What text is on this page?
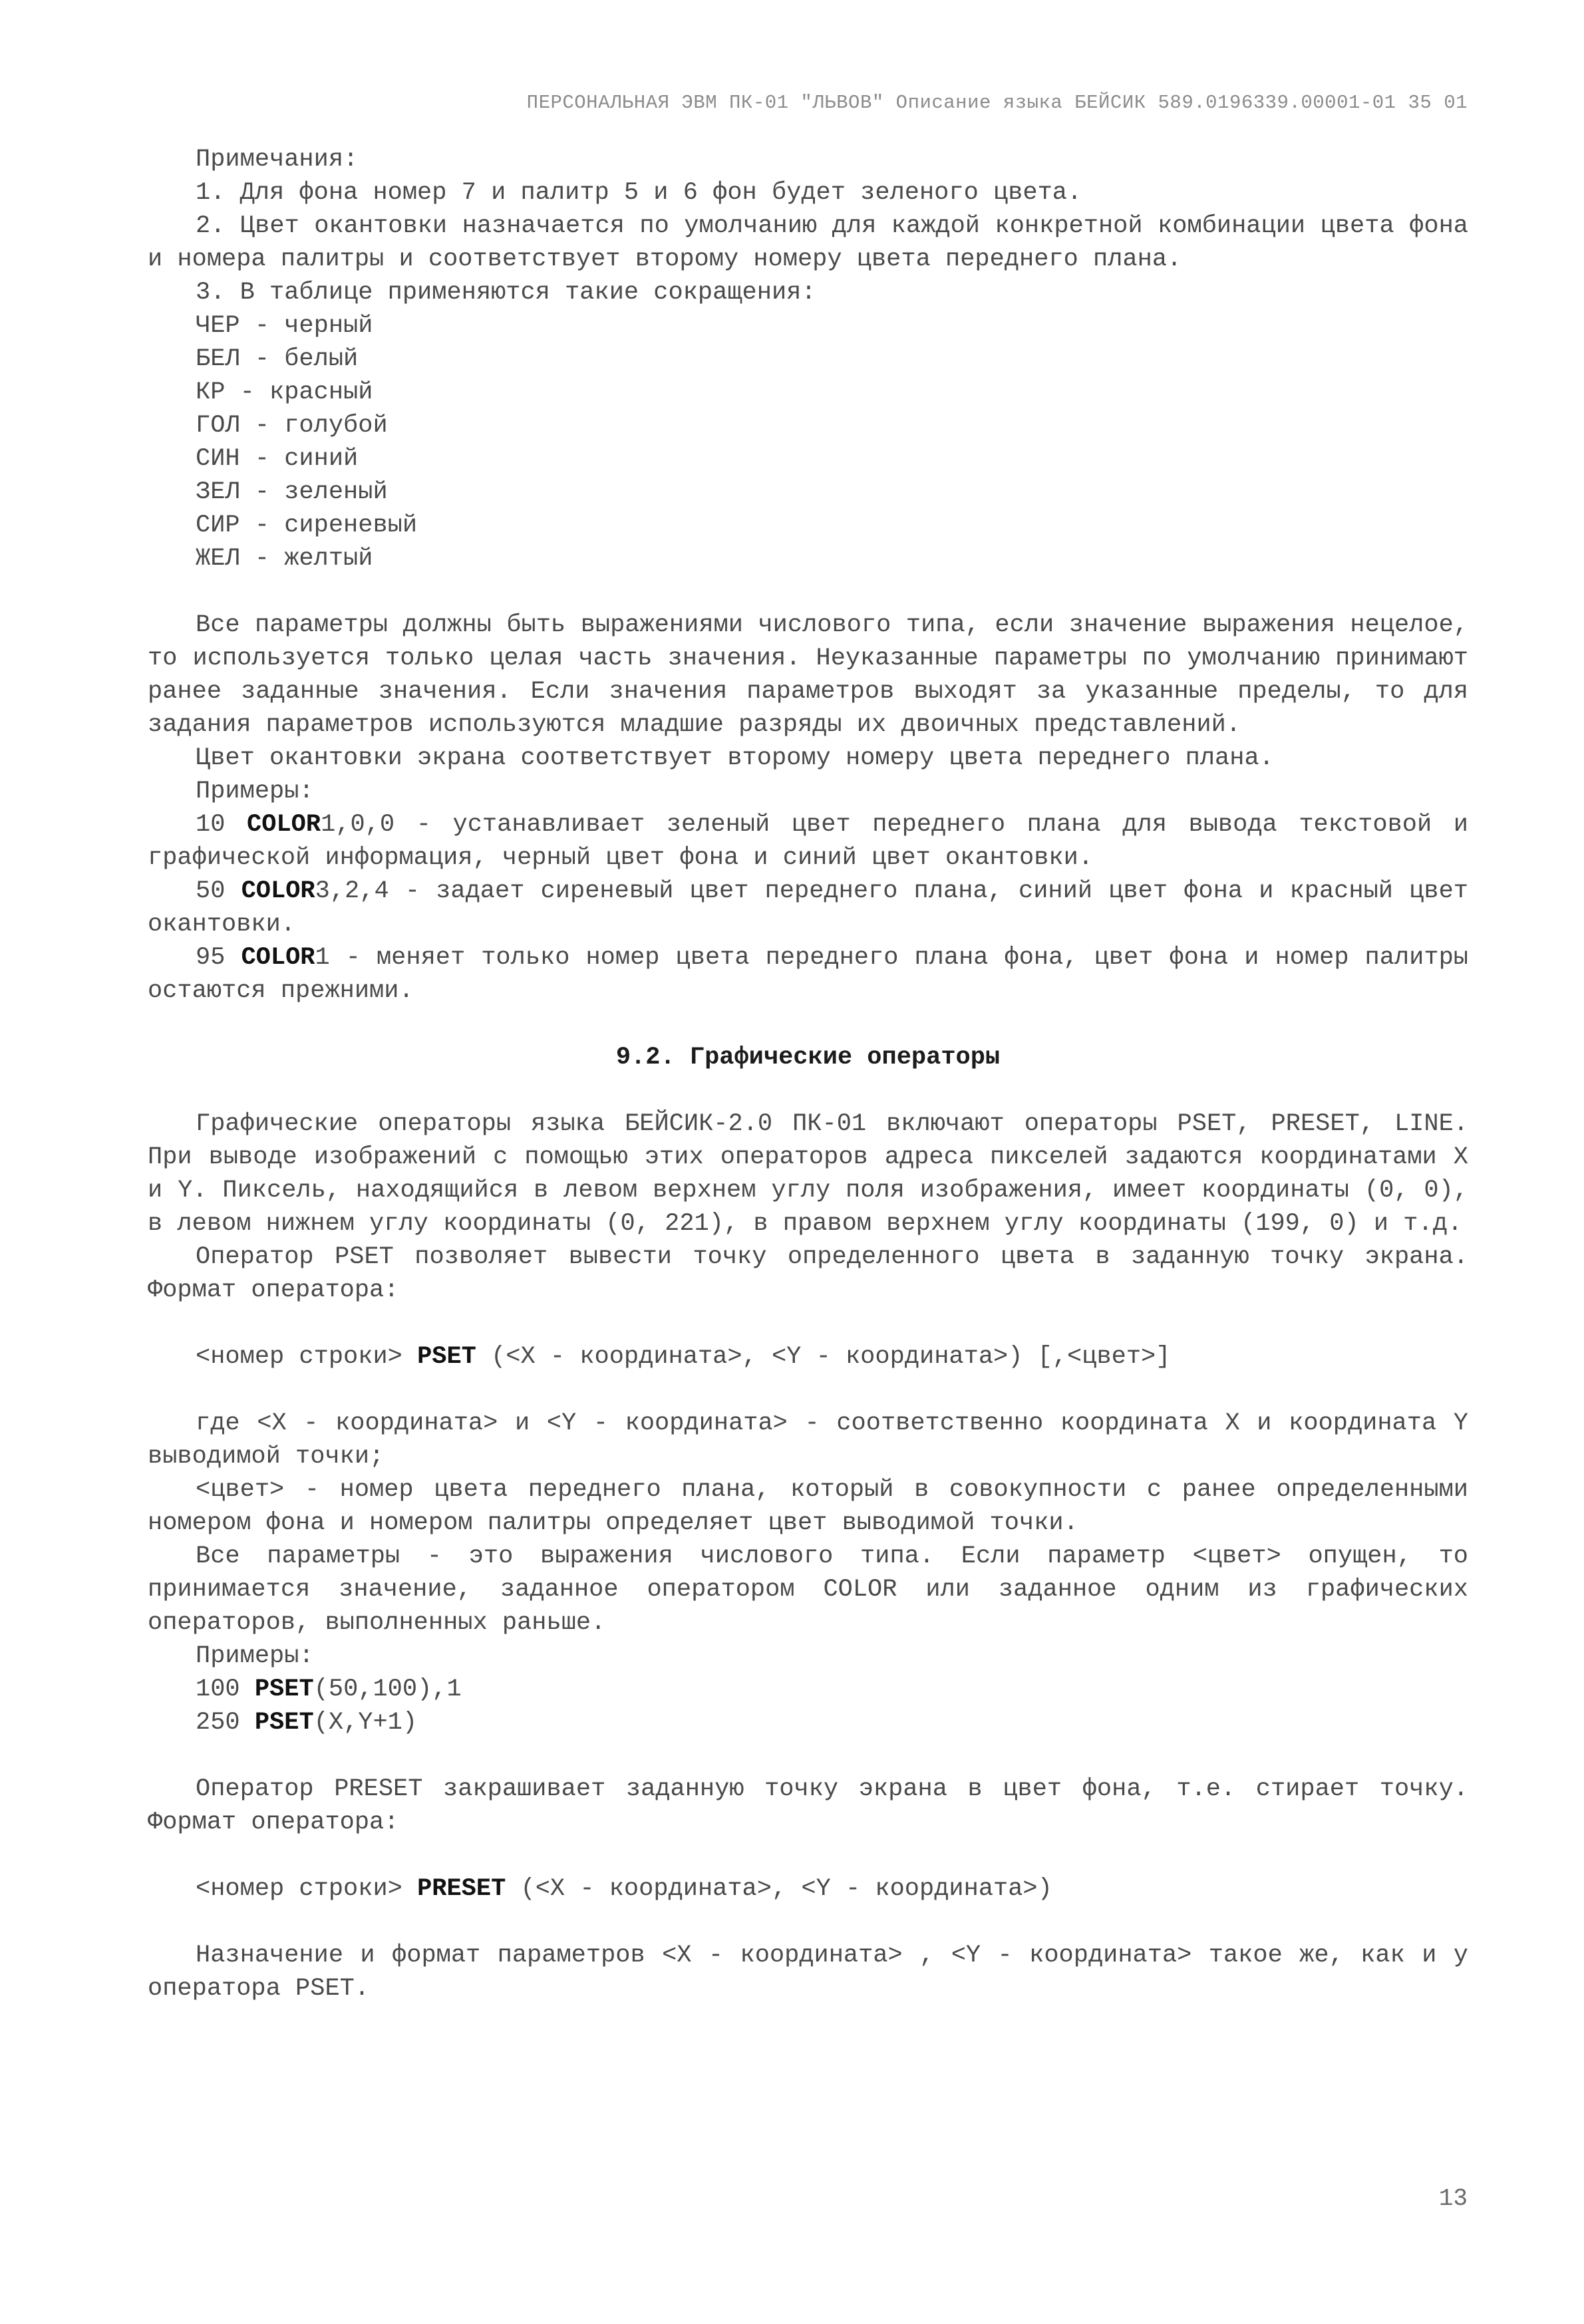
ПЕРСОНАЛЬНАЯ ЭВМ ПК-01 "ЛЬВОВ" Описание языка БЕЙСИК 589.0196339.00001-01 35 01

Примечания:

1. Для фона номер 7 и палитр 5 и 6 фон будет зеленого цвета.

2. Цвет окантовки назначается по умолчанию для каждой конкретной комбинации цвета фона и номера палитры и соответствует второму номеру цвета переднего плана.

3. В таблице применяются такие сокращения:

ЧЕР - черный

БЕЛ - белый

КР - красный

ГОЛ - голубой

СИН - синий

ЗЕЛ - зеленый

СИР - сиреневый

ЖЕЛ - желтый

Все параметры должны быть выражениями числового типа, если значение выражения нецелое, то используется только целая часть значения. Неуказанные параметры по умолчанию принимают ранее заданные значения. Если значения параметров выходят за указанные пределы, то для задания параметров используются младшие разряды их двоичных представлений.

Цвет окантовки экрана соответствует второму номеру цвета переднего плана.

Примеры:

10 COLOR1,0,0 - устанавливает зеленый цвет переднего плана для вывода текстовой и графической информация, черный цвет фона и синий цвет окантовки.

50 COLOR3,2,4 - задает сиреневый цвет переднего плана, синий цвет фона и красный цвет окантовки.

95 COLOR1 - меняет только номер цвета переднего плана фона, цвет фона и номер палитры остаются прежними.

9.2. Графические операторы

Графические операторы языка БЕЙСИК-2.0 ПК-01 включают операторы PSET, PRESET, LINE. При выводе изображений с помощью этих операторов адреса пикселей задаются координатами X и Y. Пиксель, находящийся в левом верхнем углу поля изображения, имеет координаты (0, 0), в левом нижнем углу координаты (0, 221), в правом верхнем углу координаты (199, 0) и т.д.

Оператор PSET позволяет вывести точку определенного цвета в заданную точку экрана. Формат оператора:

<номер строки> PSET (<X - координата>, <Y - координата>) [,<цвет>]

где <X - координата> и <Y - координата> - соответственно координата X и координата Y выводимой точки;

<цвет> - номер цвета переднего плана, который в совокупности с ранее определенными номером фона и номером палитры определяет цвет выводимой точки.

Все параметры - это выражения числового типа. Если параметр <цвет> опущен, то принимается значение, заданное оператором COLOR или заданное одним из графических операторов, выполненных раньше.

Примеры:

100 PSET(50,100),1

250 PSET(X,Y+1)

Оператор PRESET закрашивает заданную точку экрана в цвет фона, т.е. стирает точку. Формат оператора:

<номер строки> PRESET (<X - координата>, <Y - координата>)

Назначение и формат параметров <X - координата> , <Y - координата> такое же, как и у оператора PSET.

13
